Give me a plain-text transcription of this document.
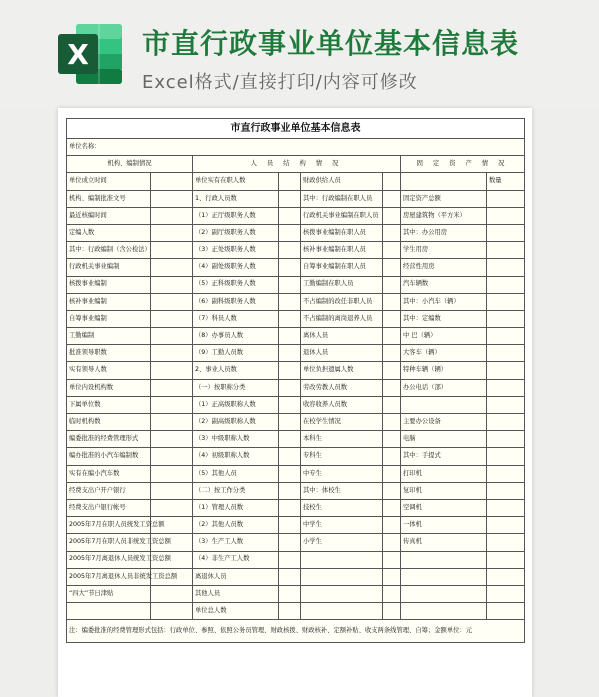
X 市直行政事业单位基本信息表
Excel格式/直接打印/内容可修改
市直行政事业单位基本信息表							
单位名称：							
机构、编制情况		人 员 结 构 情 况				固 定 资 产 情 况	
单位成立时间		单位实有在职人数		财政供给人员			数量
机构、编制批准文号		1、行政人员数		其中：行政编制在职人员		固定资产总额	
最近核编时间		（1）正厅级职务人数		行政机关事业编制在职人员		房屋建筑物（平方米）	
定编人数		（2）副厅级职务人数		核拨事业编制在职人员		其中：办公用房	
其中：行政编制（含公检法）		（3）正处级职务人数		核补事业编制在职人员		学生用房	
行政机关事业编制		（4）副处级职务人数		自筹事业编制在职人员		经营性用房	
核拨事业编制		（5）正科级职务人数		工勤编制在职人员		汽车辆数	
核补事业编制		（6）副科级职务人数		不占编制的改任非职人员		其中：小汽车（辆）	
自筹事业编制		（7）科员人数		不占编制的离岗退养人员		其中：定编数	
工勤编制		（8）办事员人数		离休人员		中 巴（辆）	
批准领导职数		（9）工勤人员数		退休人员		大客车（辆）	
实有领导人数		2、事业人员数		单位负担遗属人数		特种车辆（辆）	
单位内设机构数		（一）按职称分类		劳改劳教人员数		办公电话（部）	
下属单位数		（1）正高级职称人数		收容收养人员数			
临时机构数		（2）副高级职称人数		在校学生情况		主要办公设备	
编委批准的经费管理形式		（3）中级职称人数		本科生		电脑	
编办批准的小汽车编制数		（4）初级职称人数		专科生		其中：手提式	
实有在编小汽车数		（5）其他人员		中专生		打印机	
经费支出户开户银行		（二）按工作分类		其中：体校生		复印机	
经费支出户银行帐号		（1）管理人员数		技校生		空调机	
2005年7月在职人员统发工资总额		（2）其他人员数		中学生		一体机	
2005年7月在职人员非统发工资总额		（3）生产工人数		小学生		传真机	
2005年7月离退休人员统发工资总额		（4）非生产工人数					
2005年7月离退休人员非统发工资总额		离退休人员					
“四大”节日津贴		其他人员					
		单位总人数					
注：编委批准的经费管理形式包括：行政单位、参照、依照公务员管理、财政核拨、财政核补、定额补贴、收支两条线管理、自筹；金额单位：元							
